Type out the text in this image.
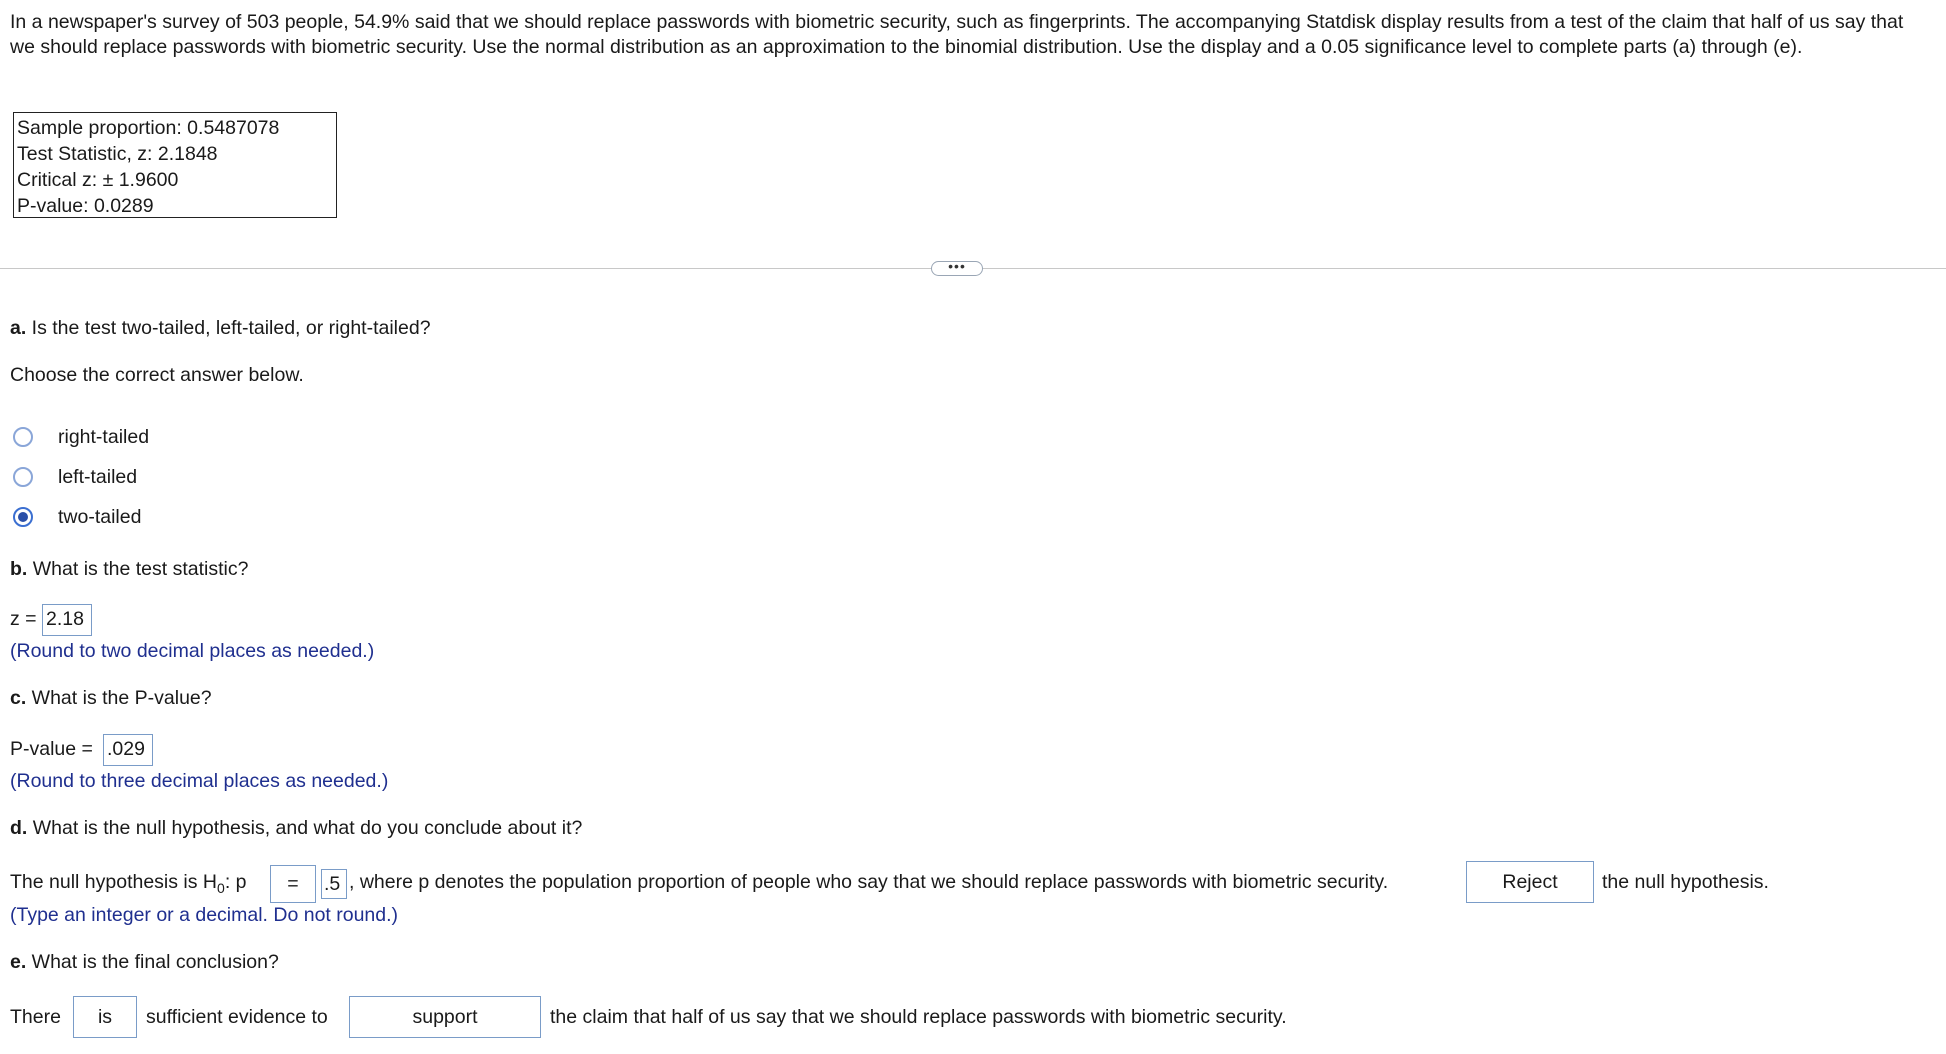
In a newspaper's survey of 503 people, 54.9% said that we should replace passwords with biometric security, such as fingerprints. The accompanying Statdisk display results from a test of the claim that half of us say that we should replace passwords with biometric security. Use the normal distribution as an approximation to the binomial distribution. Use the display and a 0.05 significance level to complete parts (a) through (e).
Sample proportion: 0.5487078
Test Statistic, z: 2.1848
Critical z: ± 1.9600
P-value: 0.0289
•••
a. Is the test two-tailed, left-tailed, or right-tailed?
Choose the correct answer below.
right-tailed
left-tailed
two-tailed
b. What is the test statistic?
z = 2.18
(Round to two decimal places as needed.)
c. What is the P-value?
P-value = .029
(Round to three decimal places as needed.)
d. What is the null hypothesis, and what do you conclude about it?
The null hypothesis is $H_0$: p	=	.5 , where p denotes the population proportion of people who say that we should replace passwords with biometric security.	Reject	the null hypothesis.
(Type an integer or a decimal. Do not round.)
e. What is the final conclusion?
There	is	sufficient evidence to	support	the claim that half of us say that we should replace passwords with biometric security.
